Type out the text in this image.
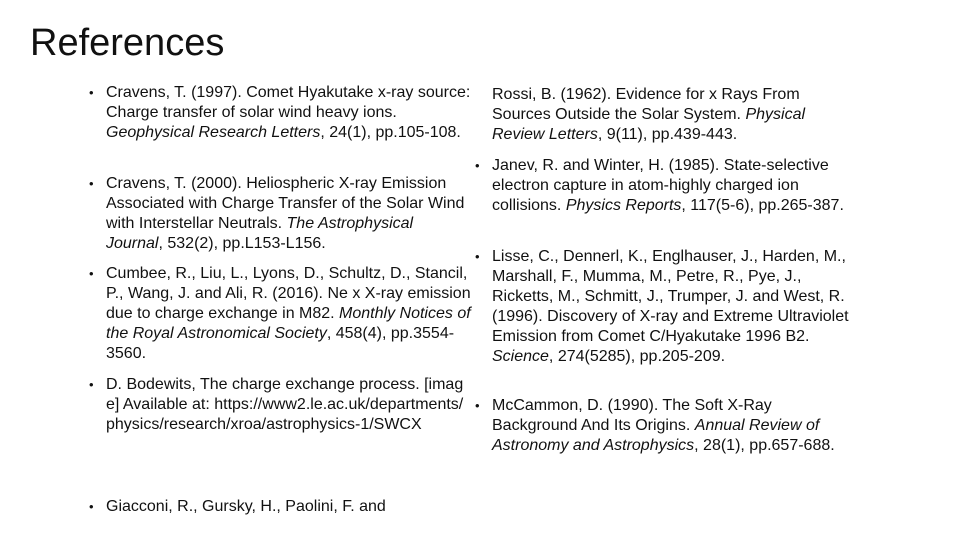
References
• Cravens, T. (1997). Comet Hyakutake x-ray source: Charge transfer of solar wind heavy ions. Geophysical Research Letters, 24(1), pp.105-108.

• Cravens, T. (2000). Heliospheric X-ray Emission Associated with Charge Transfer of the Solar Wind with Interstellar Neutrals. The Astrophysical Journal, 532(2), pp.L153-L156.

• Cumbee, R., Liu, L., Lyons, D., Schultz, D., Stancil, P., Wang, J. and Ali, R. (2016). Ne x X-ray emission due to charge exchange in M82. Monthly Notices of the Royal Astronomical Society, 458(4), pp.3554-3560.

• D. Bodewits, The charge exchange process. [image] Available at: https://www2.le.ac.uk/departments/physics/research/xroa/astrophysics-1/SWCX

• Giacconi, R., Gursky, H., Paolini, F. and

Rossi, B. (1962). Evidence for x Rays From Sources Outside the Solar System. Physical Review Letters, 9(11), pp.439-443.

• Janev, R. and Winter, H. (1985). State-selective electron capture in atom-highly charged ion collisions. Physics Reports, 117(5-6), pp.265-387.

• Lisse, C., Dennerl, K., Englhauser, J., Harden, M., Marshall, F., Mumma, M., Petre, R., Pye, J., Ricketts, M., Schmitt, J., Trumper, J. and West, R. (1996). Discovery of X-ray and Extreme Ultraviolet Emission from Comet C/Hyakutake 1996 B2. Science, 274(5285), pp.205-209.

• McCammon, D. (1990). The Soft X-Ray Background And Its Origins. Annual Review of Astronomy and Astrophysics, 28(1), pp.657-688.
